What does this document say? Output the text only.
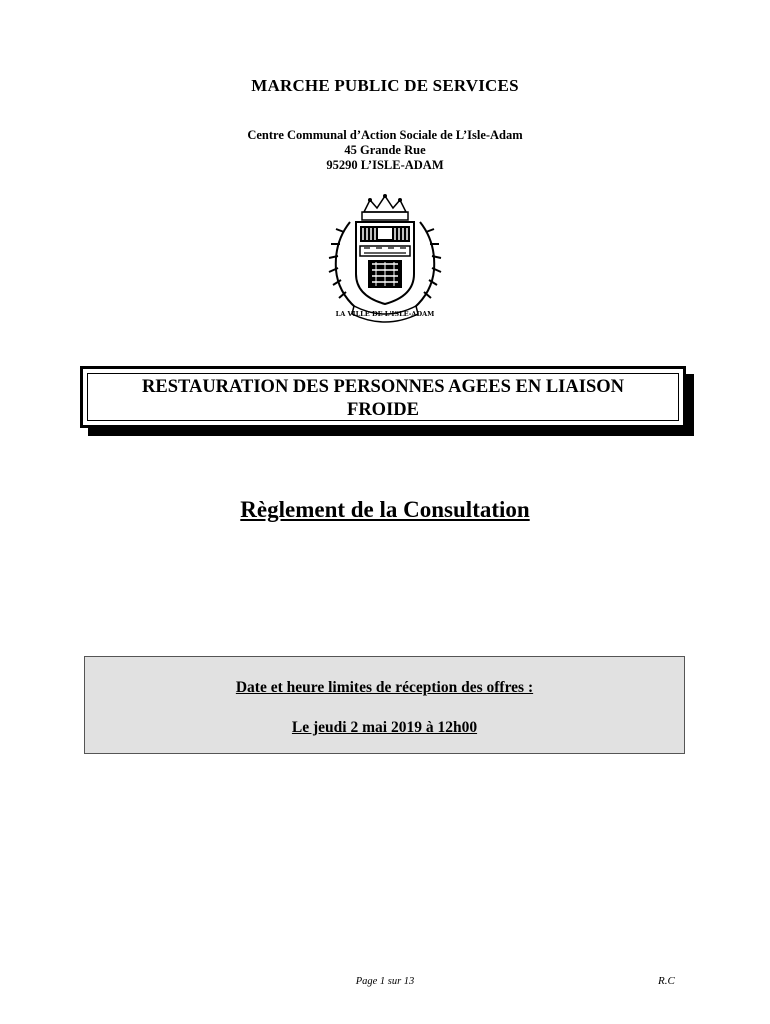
MARCHE PUBLIC DE SERVICES
Centre Communal d’Action Sociale de L’Isle-Adam
45 Grande Rue
95290 L’ISLE-ADAM
LA VILLE DE L'ISLE-ADAM
RESTAURATION DES PERSONNES AGEES EN LIAISON
FROIDE
Règlement de la Consultation
Date et heure limites de réception des offres :
Le jeudi 2 mai 2019 à 12h00
Page 1 sur 13	R.C
